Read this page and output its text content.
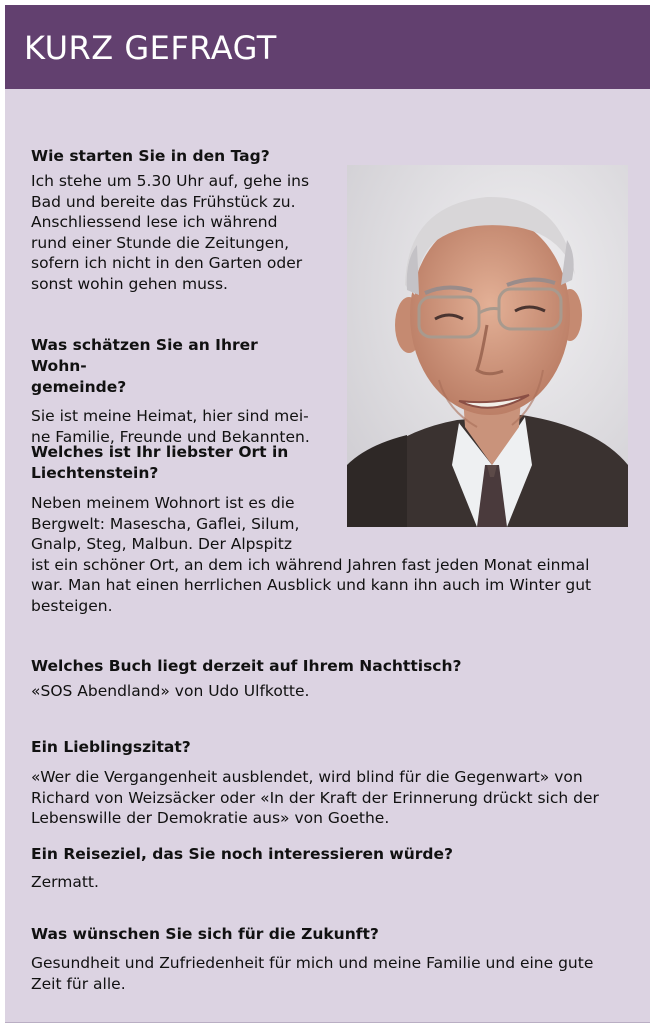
KURZ GEFRAGT
Wie starten Sie in den Tag?
Ich stehe um 5.30 Uhr auf, gehe ins
Bad und bereite das Frühstück zu.
Anschliessend lese ich während
rund einer Stunde die Zeitungen,
sofern ich nicht in den Garten oder
sonst wohin gehen muss.
Was schätzen Sie an Ihrer Wohn-
gemeinde?
Sie ist meine Heimat, hier sind mei-
ne Familie, Freunde und Bekannten.
Welches ist Ihr liebster Ort in
Liechtenstein?
Neben meinem Wohnort ist es die
Bergwelt: Masescha, Gaflei, Silum,
Gnalp, Steg, Malbun. Der Alpspitz
ist ein schöner Ort, an dem ich während Jahren fast jeden Monat einmal
war. Man hat einen herrlichen Ausblick und kann ihn auch im Winter gut
besteigen.
Welches Buch liegt derzeit auf Ihrem Nachttisch?
«SOS Abendland» von Udo Ulfkotte.
Ein Lieblingszitat?
«Wer die Vergangenheit ausblendet, wird blind für die Gegenwart» von
Richard von Weizsäcker oder «In der Kraft der Erinnerung drückt sich der
Lebenswille der Demokratie aus» von Goethe.
Ein Reiseziel, das Sie noch interessieren würde?
Zermatt.
Was wünschen Sie sich für die Zukunft?
Gesundheit und Zufriedenheit für mich und meine Familie und eine gute
Zeit für alle.
